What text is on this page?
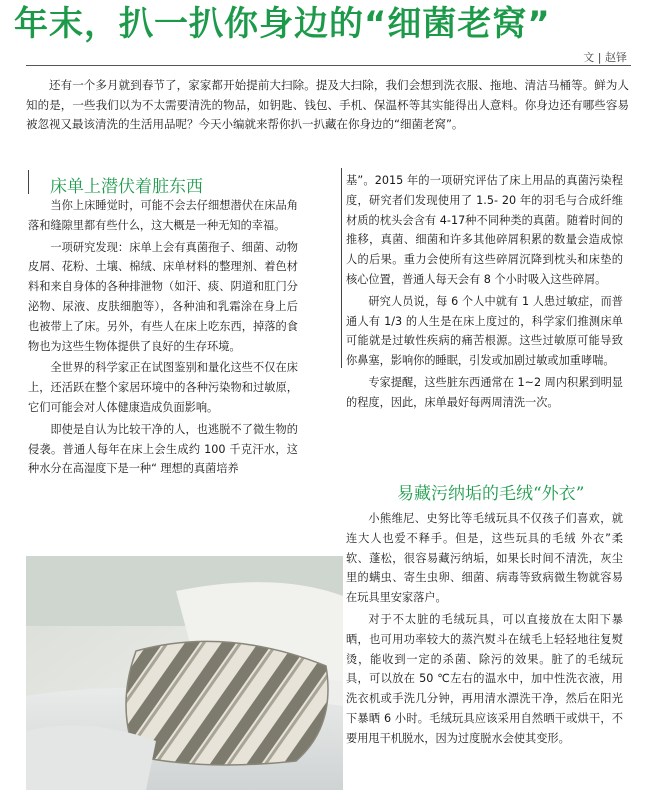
年末，扒一扒你身边的“细菌老窝”
文 | 赵铎

还有一个多月就到春节了，家家都开始提前大扫除。提及大扫除，我们会想到洗衣服、拖地、清洁马桶等。鲜为人知的是，一些我们以为不太需要清洗的物品，如钥匙、钱包、手机、保温杯等其实能得出人意料。你身边还有哪些容易被忽视又最该清洗的生活用品呢？今天小编就来帮你扒一扒藏在你身边的“细菌老窝”。

床单上潜伏着脏东西

当你上床睡觉时，可能不会去仔细想潜伏在床品角落和缝隙里都有些什么，这大概是一种无知的幸福。

一项研究发现：床单上会有真菌孢子、细菌、动物皮屑、花粉、土壤、棉绒、床单材料的整理剂、着色材料和来自身体的各种排泄物（如汗、痰、阴道和肛门分泌物、尿液、皮肤细胞等），各种油和乳霜涂在身上后也被带上了床。另外，有些人在床上吃东西，掉落的食物也为这些生物体提供了良好的生存环境。

全世界的科学家正在试图鉴别和量化这些不仅在床上，还活跃在整个家居环境中的各种污染物和过敏原，它们可能会对人体健康造成负面影响。

即使是自认为比较干净的人，也逃脱不了微生物的侵袭。普通人每年在床上会生成约 100 千克汗水，这种水分在高湿度下是一种“ 理想的真菌培养

基”。2015 年的一项研究评估了床上用品的真菌污染程度，研究者们发现使用了 1.5- 20 年的羽毛与合成纤维材质的枕头会含有 4-17种不同种类的真菌。随着时间的推移，真菌、细菌和许多其他碎屑积累的数量会造成惊人的后果。重力会使所有这些碎屑沉降到枕头和床垫的核心位置，普通人每天会有 8 个小时吸入这些碎屑。

研究人员说，每 6 个人中就有 1 人患过敏症，而普通人有 1/3 的人生是在床上度过的，科学家们推测床单可能就是过敏性疾病的痛苦根源。这些过敏原可能导致你鼻塞，影响你的睡眠，引发或加剧过敏或加重哮喘。

专家提醒，这些脏东西通常在 1~2 周内积累到明显的程度，因此，床单最好每两周清洗一次。

易藏污纳垢的毛绒“外衣”

小熊维尼、史努比等毛绒玩具不仅孩子们喜欢，就连大人也爱不释手。但是，这些玩具的毛绒 外衣”柔软、蓬松，很容易藏污纳垢，如果长时间不清洗，灰尘里的螨虫、寄生虫卵、细菌、病毒等致病微生物就容易在玩具里安家落户。

对于不太脏的毛绒玩具，可以直接放在太阳下暴晒，也可用功率较大的蒸汽熨斗在绒毛上轻轻地往复熨烫，能收到一定的杀菌、除污的效果。脏了的毛绒玩具，可以放在 50 ℃左右的温水中，加中性洗衣液，用洗衣机或手洗几分钟，再用清水漂洗干净，然后在阳光下暴晒 6 小时。毛绒玩具应该采用自然晒干或烘干，不要用甩干机脱水，因为过度脱水会使其变形。
